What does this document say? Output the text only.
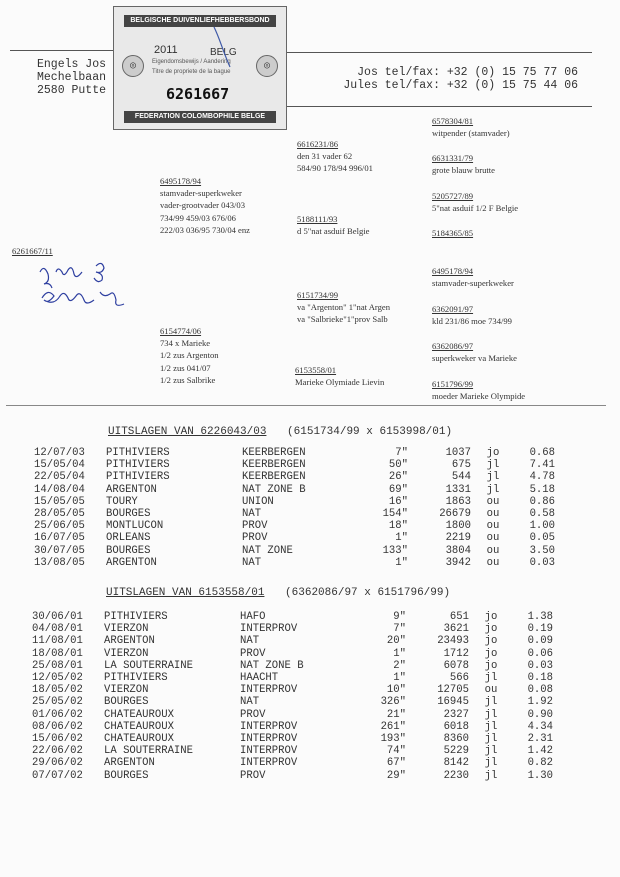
Engels Jos
Mechelbaan
2580 Putte
Jos tel/fax: +32 (0) 15 75 77 06
Jules tel/fax: +32 (0) 15 75 44 06
BELGISCHE DUIVENLIEFHEBBERSBOND
2011	BELG
◎	◎
Eigendomsbewijs / Aandering
Titre de propriete de la bague
6261667
FEDERATION COLOMBOPHILE BELGE
6261667/11
6495178/94
stamvader-superkweker
vader-grootvader 043/03
734/99 459/03 676/06
222/03 036/95 730/04 enz
6154774/06
734 x Marieke
1/2 zus Argenton
1/2 zus 041/07
1/2 zus Salbrike
6616231/86
den 31 vader 62
584/90 178/94 996/01
5188111/93
d 5"nat asduif Belgie
6151734/99
va "Argenton" 1"nat Argen
va "Salbrieke"1"prov Salb
6153558/01
Marieke Olymiade Lievin
6578304/81
witpender (stamvader)
6631331/79
grote blauw brutte
5205727/89
5"nat asduif 1/2 F Belgie
5184365/85
6495178/94
stamvader-superkweker
6362091/97
kld 231/86 moe 734/99
6362086/97
superkweker va Marieke
6151796/99
moeder Marieke Olympide
UITSLAGEN VAN 6226043/03 (6151734/99 x 6153998/01)
12/07/03	PITHIVIERS	KEERBERGEN	7"	1037	jo	0.68
15/05/04	PITHIVIERS	KEERBERGEN	50"	675	jl	7.41
22/05/04	PITHIVIERS	KEERBERGEN	26"	544	jl	4.78
14/08/04	ARGENTON	NAT ZONE B	69"	1331	jl	5.18
15/05/05	TOURY	UNION	16"	1863	ou	0.86
28/05/05	BOURGES	NAT	154"	26679	ou	0.58
25/06/05	MONTLUCON	PROV	18"	1800	ou	1.00
16/07/05	ORLEANS	PROV	1"	2219	ou	0.05
30/07/05	BOURGES	NAT ZONE	133"	3804	ou	3.50
13/08/05	ARGENTON	NAT	1"	3942	ou	0.03
UITSLAGEN VAN 6153558/01 (6362086/97 x 6151796/99)
30/06/01	PITHIVIERS	HAFO	9"	651	jo	1.38
04/08/01	VIERZON	INTERPROV	7"	3621	jo	0.19
11/08/01	ARGENTON	NAT	20"	23493	jo	0.09
18/08/01	VIERZON	PROV	1"	1712	jo	0.06
25/08/01	LA SOUTERRAINE	NAT ZONE B	2"	6078	jo	0.03
12/05/02	PITHIVIERS	HAACHT	1"	566	jl	0.18
18/05/02	VIERZON	INTERPROV	10"	12705	ou	0.08
25/05/02	BOURGES	NAT	326"	16945	jl	1.92
01/06/02	CHATEAUROUX	PROV	21"	2327	jl	0.90
08/06/02	CHATEAUROUX	INTERPROV	261"	6018	jl	4.34
15/06/02	CHATEAUROUX	INTERPROV	193"	8360	jl	2.31
22/06/02	LA SOUTERRAINE	INTERPROV	74"	5229	jl	1.42
29/06/02	ARGENTON	INTERPROV	67"	8142	jl	0.82
07/07/02	BOURGES	PROV	29"	2230	jl	1.30
